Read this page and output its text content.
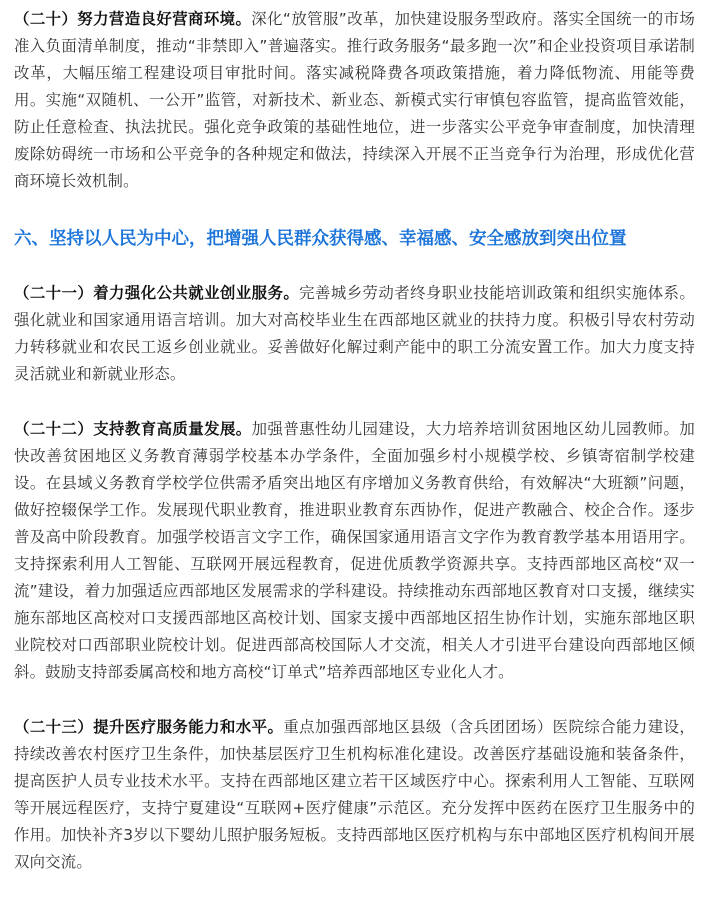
（二十）努力营造良好营商环境。深化“放管服”改革，加快建设服务型政府。落实全国统一的市场准入负面清单制度，推动“非禁即入”普遍落实。推行政务服务“最多跑一次”和企业投资项目承诺制改革，大幅压缩工程建设项目审批时间。落实减税降费各项政策措施，着力降低物流、用能等费用。实施“双随机、一公开”监管，对新技术、新业态、新模式实行审慎包容监管，提高监管效能，防止任意检查、执法扰民。强化竞争政策的基础性地位，进一步落实公平竞争审查制度，加快清理废除妨碍统一市场和公平竞争的各种规定和做法，持续深入开展不正当竞争行为治理，形成优化营商环境长效机制。

六、坚持以人民为中心，把增强人民群众获得感、幸福感、安全感放到突出位置

（二十一）着力强化公共就业创业服务。完善城乡劳动者终身职业技能培训政策和组织实施体系。强化就业和国家通用语言培训。加大对高校毕业生在西部地区就业的扶持力度。积极引导农村劳动力转移就业和农民工返乡创业就业。妥善做好化解过剩产能中的职工分流安置工作。加大力度支持灵活就业和新就业形态。

（二十二）支持教育高质量发展。加强普惠性幼儿园建设，大力培养培训贫困地区幼儿园教师。加快改善贫困地区义务教育薄弱学校基本办学条件，全面加强乡村小规模学校、乡镇寄宿制学校建设。在县域义务教育学校学位供需矛盾突出地区有序增加义务教育供给，有效解决“大班额”问题，做好控辍保学工作。发展现代职业教育，推进职业教育东西协作，促进产教融合、校企合作。逐步普及高中阶段教育。加强学校语言文字工作，确保国家通用语言文字作为教育教学基本用语用字。支持探索利用人工智能、互联网开展远程教育，促进优质教学资源共享。支持西部地区高校“双一流”建设，着力加强适应西部地区发展需求的学科建设。持续推动东西部地区教育对口支援，继续实施东部地区高校对口支援西部地区高校计划、国家支援中西部地区招生协作计划，实施东部地区职业院校对口西部职业院校计划。促进西部高校国际人才交流，相关人才引进平台建设向西部地区倾斜。鼓励支持部委属高校和地方高校“订单式”培养西部地区专业化人才。

（二十三）提升医疗服务能力和水平。重点加强西部地区县级（含兵团团场）医院综合能力建设，持续改善农村医疗卫生条件，加快基层医疗卫生机构标准化建设。改善医疗基础设施和装备条件，提高医护人员专业技术水平。支持在西部地区建立若干区域医疗中心。探索利用人工智能、互联网等开展远程医疗，支持宁夏建设“互联网+医疗健康”示范区。充分发挥中医药在医疗卫生服务中的作用。加快补齐3岁以下婴幼儿照护服务短板。支持西部地区医疗机构与东中部地区医疗机构间开展双向交流。
